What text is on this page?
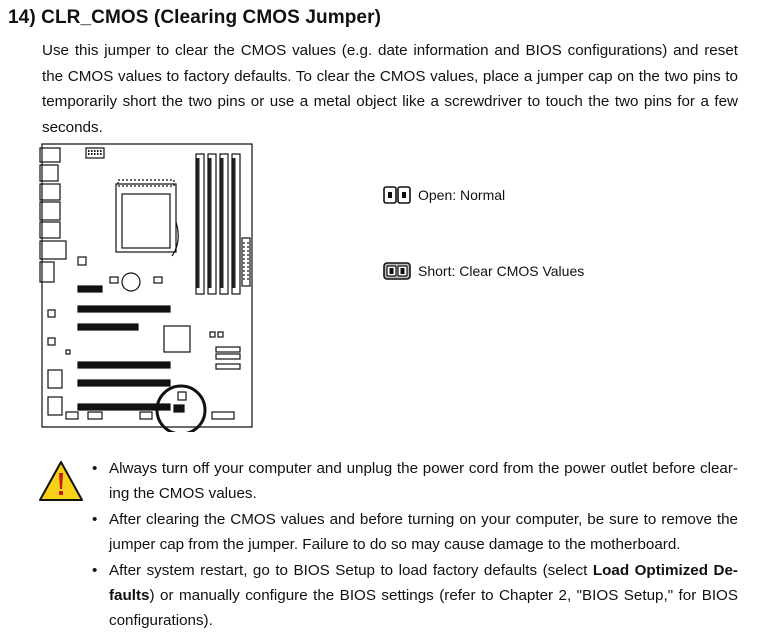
14) CLR_CMOS (Clearing CMOS Jumper)

Use this jumper to clear the CMOS values (e.g. date information and BIOS configurations) and reset the CMOS values to factory defaults. To clear the CMOS values, place a jumper cap on the two pins to temporarily short the two pins or use a metal object like a screwdriver to touch the two pins for a few seconds.

Open: Normal
Short: Clear CMOS Values
• Always turn off your computer and unplug the power cord from the power outlet before clear-ing the CMOS values.
• After clearing the CMOS values and before turning on your computer, be sure to remove the jumper cap from the jumper. Failure to do so may cause damage to the motherboard.
• After system restart, go to BIOS Setup to load factory defaults (select Load Optimized De-faults) or manually configure the BIOS settings (refer to Chapter 2, "BIOS Setup," for BIOS configurations).
